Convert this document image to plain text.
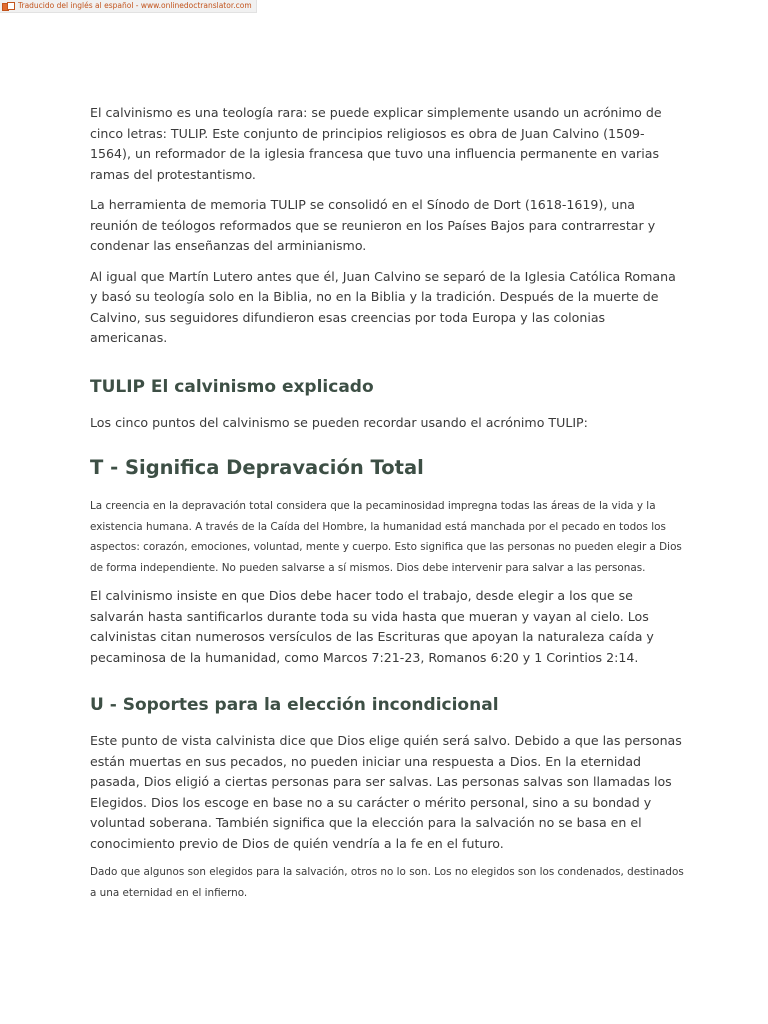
Traducido del inglés al español - www.onlinedoctranslator.com

El calvinismo es una teología rara: se puede explicar simplemente usando un acrónimo de cinco letras: TULIP. Este conjunto de principios religiosos es obra de Juan Calvino (1509-1564), un reformador de la iglesia francesa que tuvo una influencia permanente en varias ramas del protestantismo.

La herramienta de memoria TULIP se consolidó en el Sínodo de Dort (1618-1619), una reunión de teólogos reformados que se reunieron en los Países Bajos para contrarrestar y condenar las enseñanzas del arminianismo.

Al igual que Martín Lutero antes que él, Juan Calvino se separó de la Iglesia Católica Romana y basó su teología solo en la Biblia, no en la Biblia y la tradición. Después de la muerte de Calvino, sus seguidores difundieron esas creencias por toda Europa y las colonias americanas.

TULIP El calvinismo explicado

Los cinco puntos del calvinismo se pueden recordar usando el acrónimo TULIP:

T - Significa Depravación Total

La creencia en la depravación total considera que la pecaminosidad impregna todas las áreas de la vida y la existencia humana. A través de la Caída del Hombre, la humanidad está manchada por el pecado en todos los aspectos: corazón, emociones, voluntad, mente y cuerpo. Esto significa que las personas no pueden elegir a Dios de forma independiente. No pueden salvarse a sí mismos. Dios debe intervenir para salvar a las personas.

El calvinismo insiste en que Dios debe hacer todo el trabajo, desde elegir a los que se salvarán hasta santificarlos durante toda su vida hasta que mueran y vayan al cielo. Los calvinistas citan numerosos versículos de las Escrituras que apoyan la naturaleza caída y pecaminosa de la humanidad, como Marcos 7:21-23, Romanos 6:20 y 1 Corintios 2:14.

U - Soportes para la elección incondicional

Este punto de vista calvinista dice que Dios elige quién será salvo. Debido a que las personas están muertas en sus pecados, no pueden iniciar una respuesta a Dios. En la eternidad pasada, Dios eligió a ciertas personas para ser salvas. Las personas salvas son llamadas los Elegidos. Dios los escoge en base no a su carácter o mérito personal, sino a su bondad y voluntad soberana. También significa que la elección para la salvación no se basa en el conocimiento previo de Dios de quién vendría a la fe en el futuro.

Dado que algunos son elegidos para la salvación, otros no lo son. Los no elegidos son los condenados, destinados a una eternidad en el infierno.
